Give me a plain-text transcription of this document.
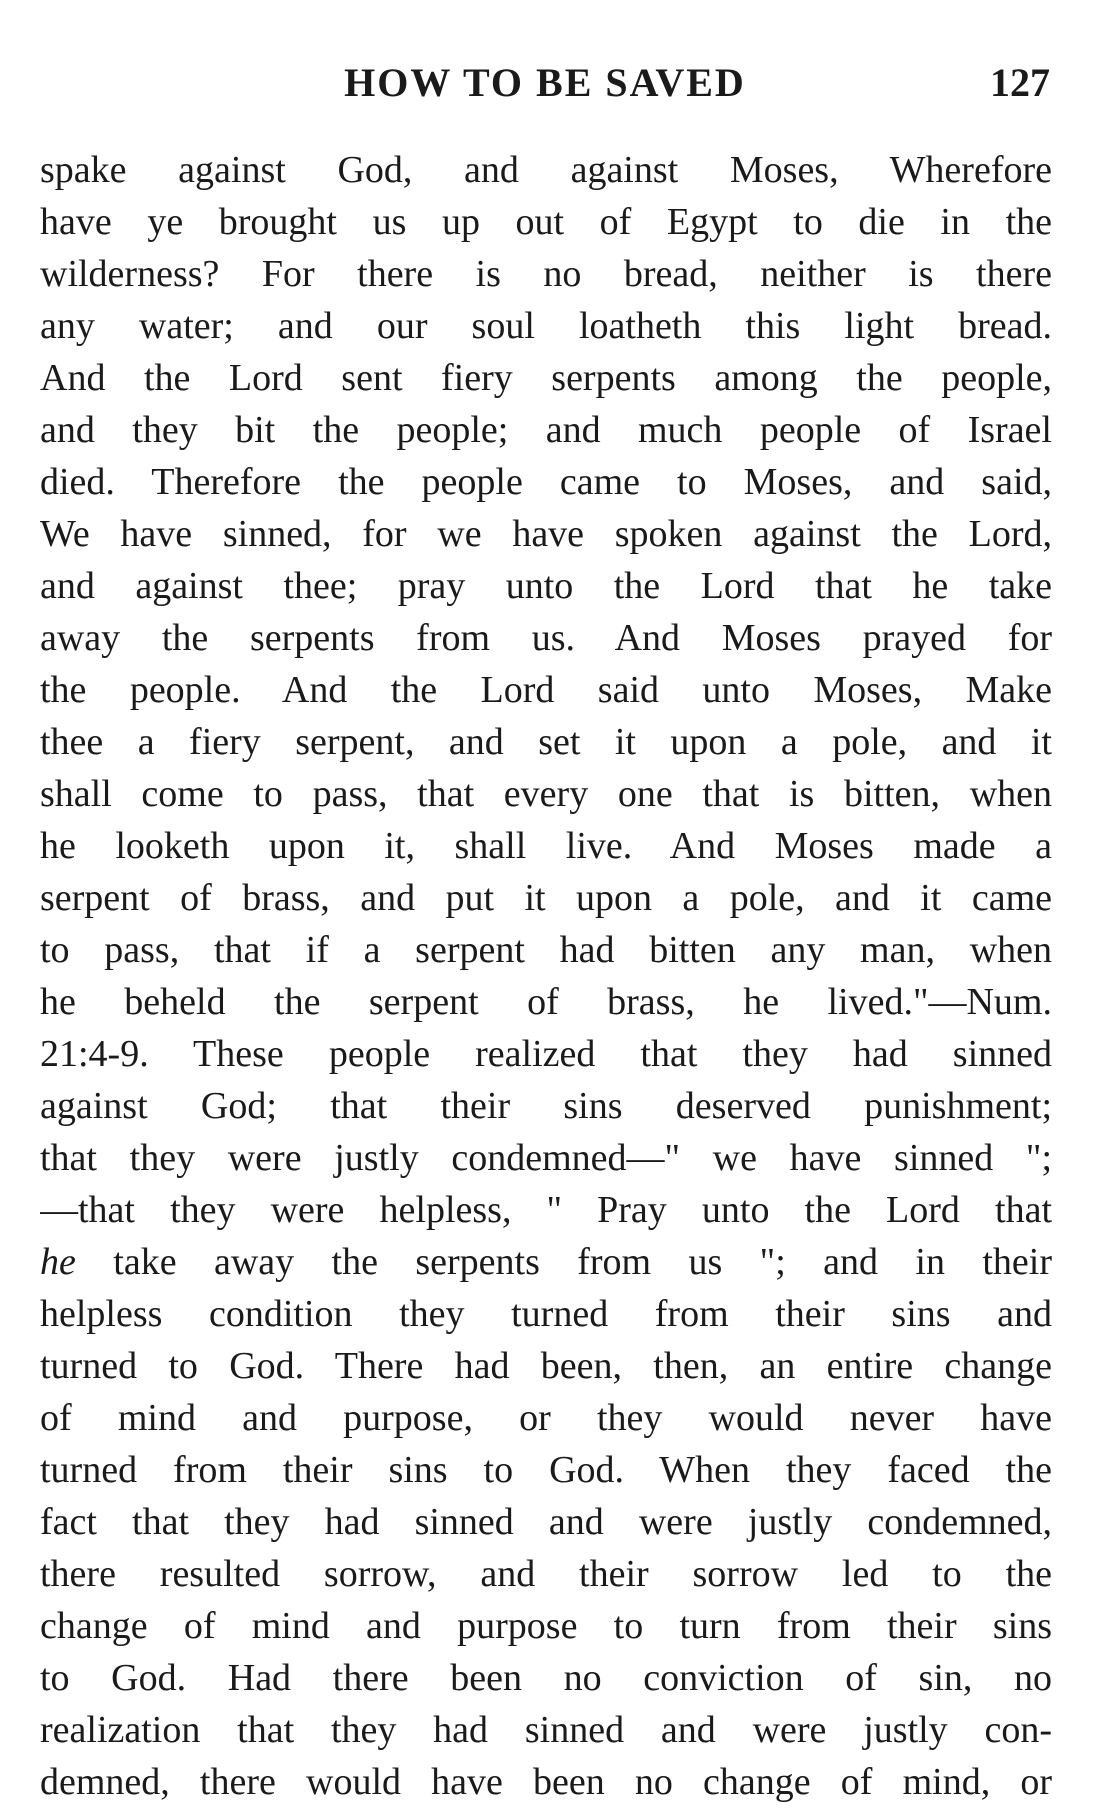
HOW TO BE SAVED	127
spake against God, and against Moses, Wherefore
have ye brought us up out of Egypt to die in the
wilderness? For there is no bread, neither is there
any water; and our soul loatheth this light bread.
And the Lord sent fiery serpents among the people,
and they bit the people; and much people of Israel
died. Therefore the people came to Moses, and said,
We have sinned, for we have spoken against the Lord,
and against thee; pray unto the Lord that he take
away the serpents from us. And Moses prayed for
the people. And the Lord said unto Moses, Make
thee a fiery serpent, and set it upon a pole, and it
shall come to pass, that every one that is bitten, when
he looketh upon it, shall live. And Moses made a
serpent of brass, and put it upon a pole, and it came
to pass, that if a serpent had bitten any man, when
he beheld the serpent of brass, he lived."—Num.
21:4-9. These people realized that they had sinned
against God; that their sins deserved punishment;
that they were justly condemned—" we have sinned ";
—that they were helpless, " Pray unto the Lord that
he take away the serpents from us "; and in their
helpless condition they turned from their sins and
turned to God. There had been, then, an entire change
of mind and purpose, or they would never have
turned from their sins to God. When they faced the
fact that they had sinned and were justly condemned,
there resulted sorrow, and their sorrow led to the
change of mind and purpose to turn from their sins
to God. Had there been no conviction of sin, no
realization that they had sinned and were justly con-
demned, there would have been no change of mind, or
